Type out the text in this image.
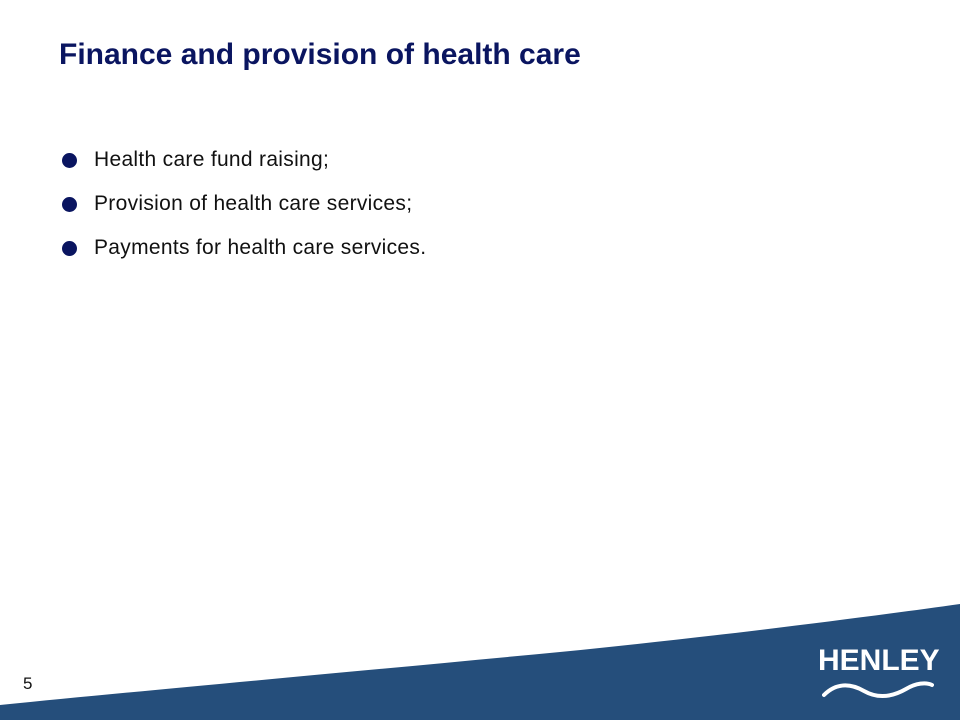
Finance and provision of health care
Health care fund raising;
Provision of health care services;
Payments for health care services.
5
HENLEY
